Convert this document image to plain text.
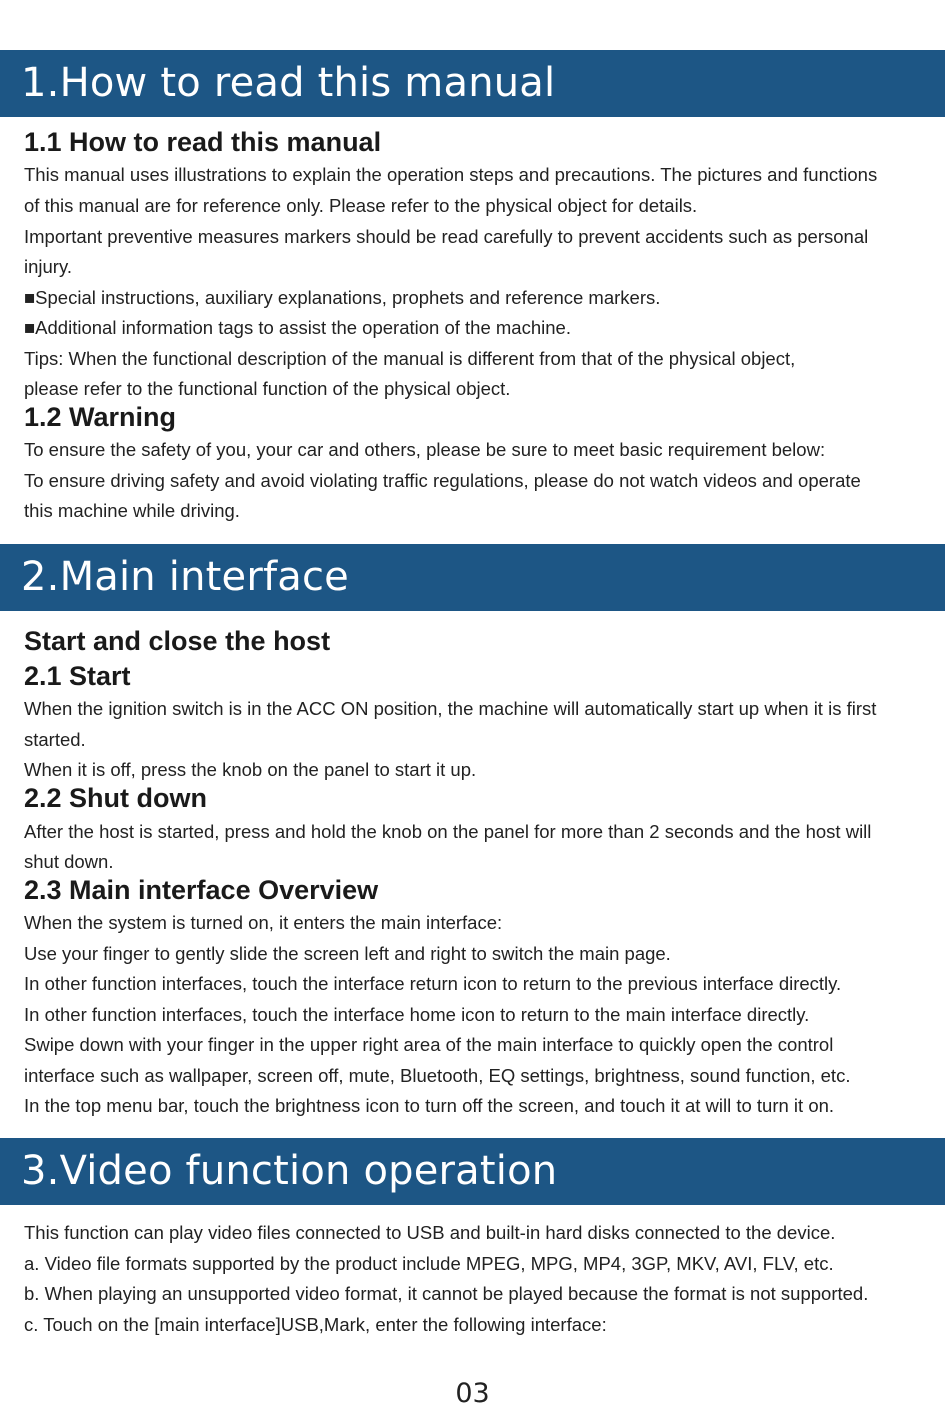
1.How to read this manual
1.1 How to read this manual
This manual uses illustrations to explain the operation steps and precautions. The pictures and functions
of this manual are for reference only. Please refer to the physical object for details.
Important preventive measures markers should be read carefully to prevent accidents such as personal
injury.
■Special instructions, auxiliary explanations, prophets and reference markers.
■Additional information tags to assist the operation of the machine.
Tips: When the functional description of the manual is different from that of the physical object,
please refer to the functional function of the physical object.
1.2 Warning
To ensure the safety of you, your car and others, please be sure to meet basic requirement below:
To ensure driving safety and avoid violating traffic regulations, please do not watch videos and operate
this machine while driving.
2.Main interface
Start and close the host
2.1 Start
When the ignition switch is in the ACC ON position, the machine will automatically start up when it is first
started.
When it is off, press the knob on the panel to start it up.
2.2 Shut down
After the host is started, press and hold the knob on the panel for more than 2 seconds and the host will
shut down.
2.3 Main interface Overview
When the system is turned on, it enters the main interface:
Use your finger to gently slide the screen left and right to switch the main page.
In other function interfaces, touch the interface return icon to return to the previous interface directly.
In other function interfaces, touch the interface home icon to return to the main interface directly.
Swipe down with your finger in the upper right area of the main interface to quickly open the control
interface such as wallpaper, screen off, mute, Bluetooth, EQ settings, brightness, sound function, etc.
In the top menu bar, touch the brightness icon to turn off the screen, and touch it at will to turn it on.
3.Video function operation
This function can play video files connected to USB and built-in hard disks connected to the device.
a. Video file formats supported by the product include MPEG, MPG, MP4, 3GP, MKV, AVI, FLV, etc.
b. When playing an unsupported video format, it cannot be played because the format is not supported.
c. Touch on the [main interface]USB,Mark, enter the following interface:
03
